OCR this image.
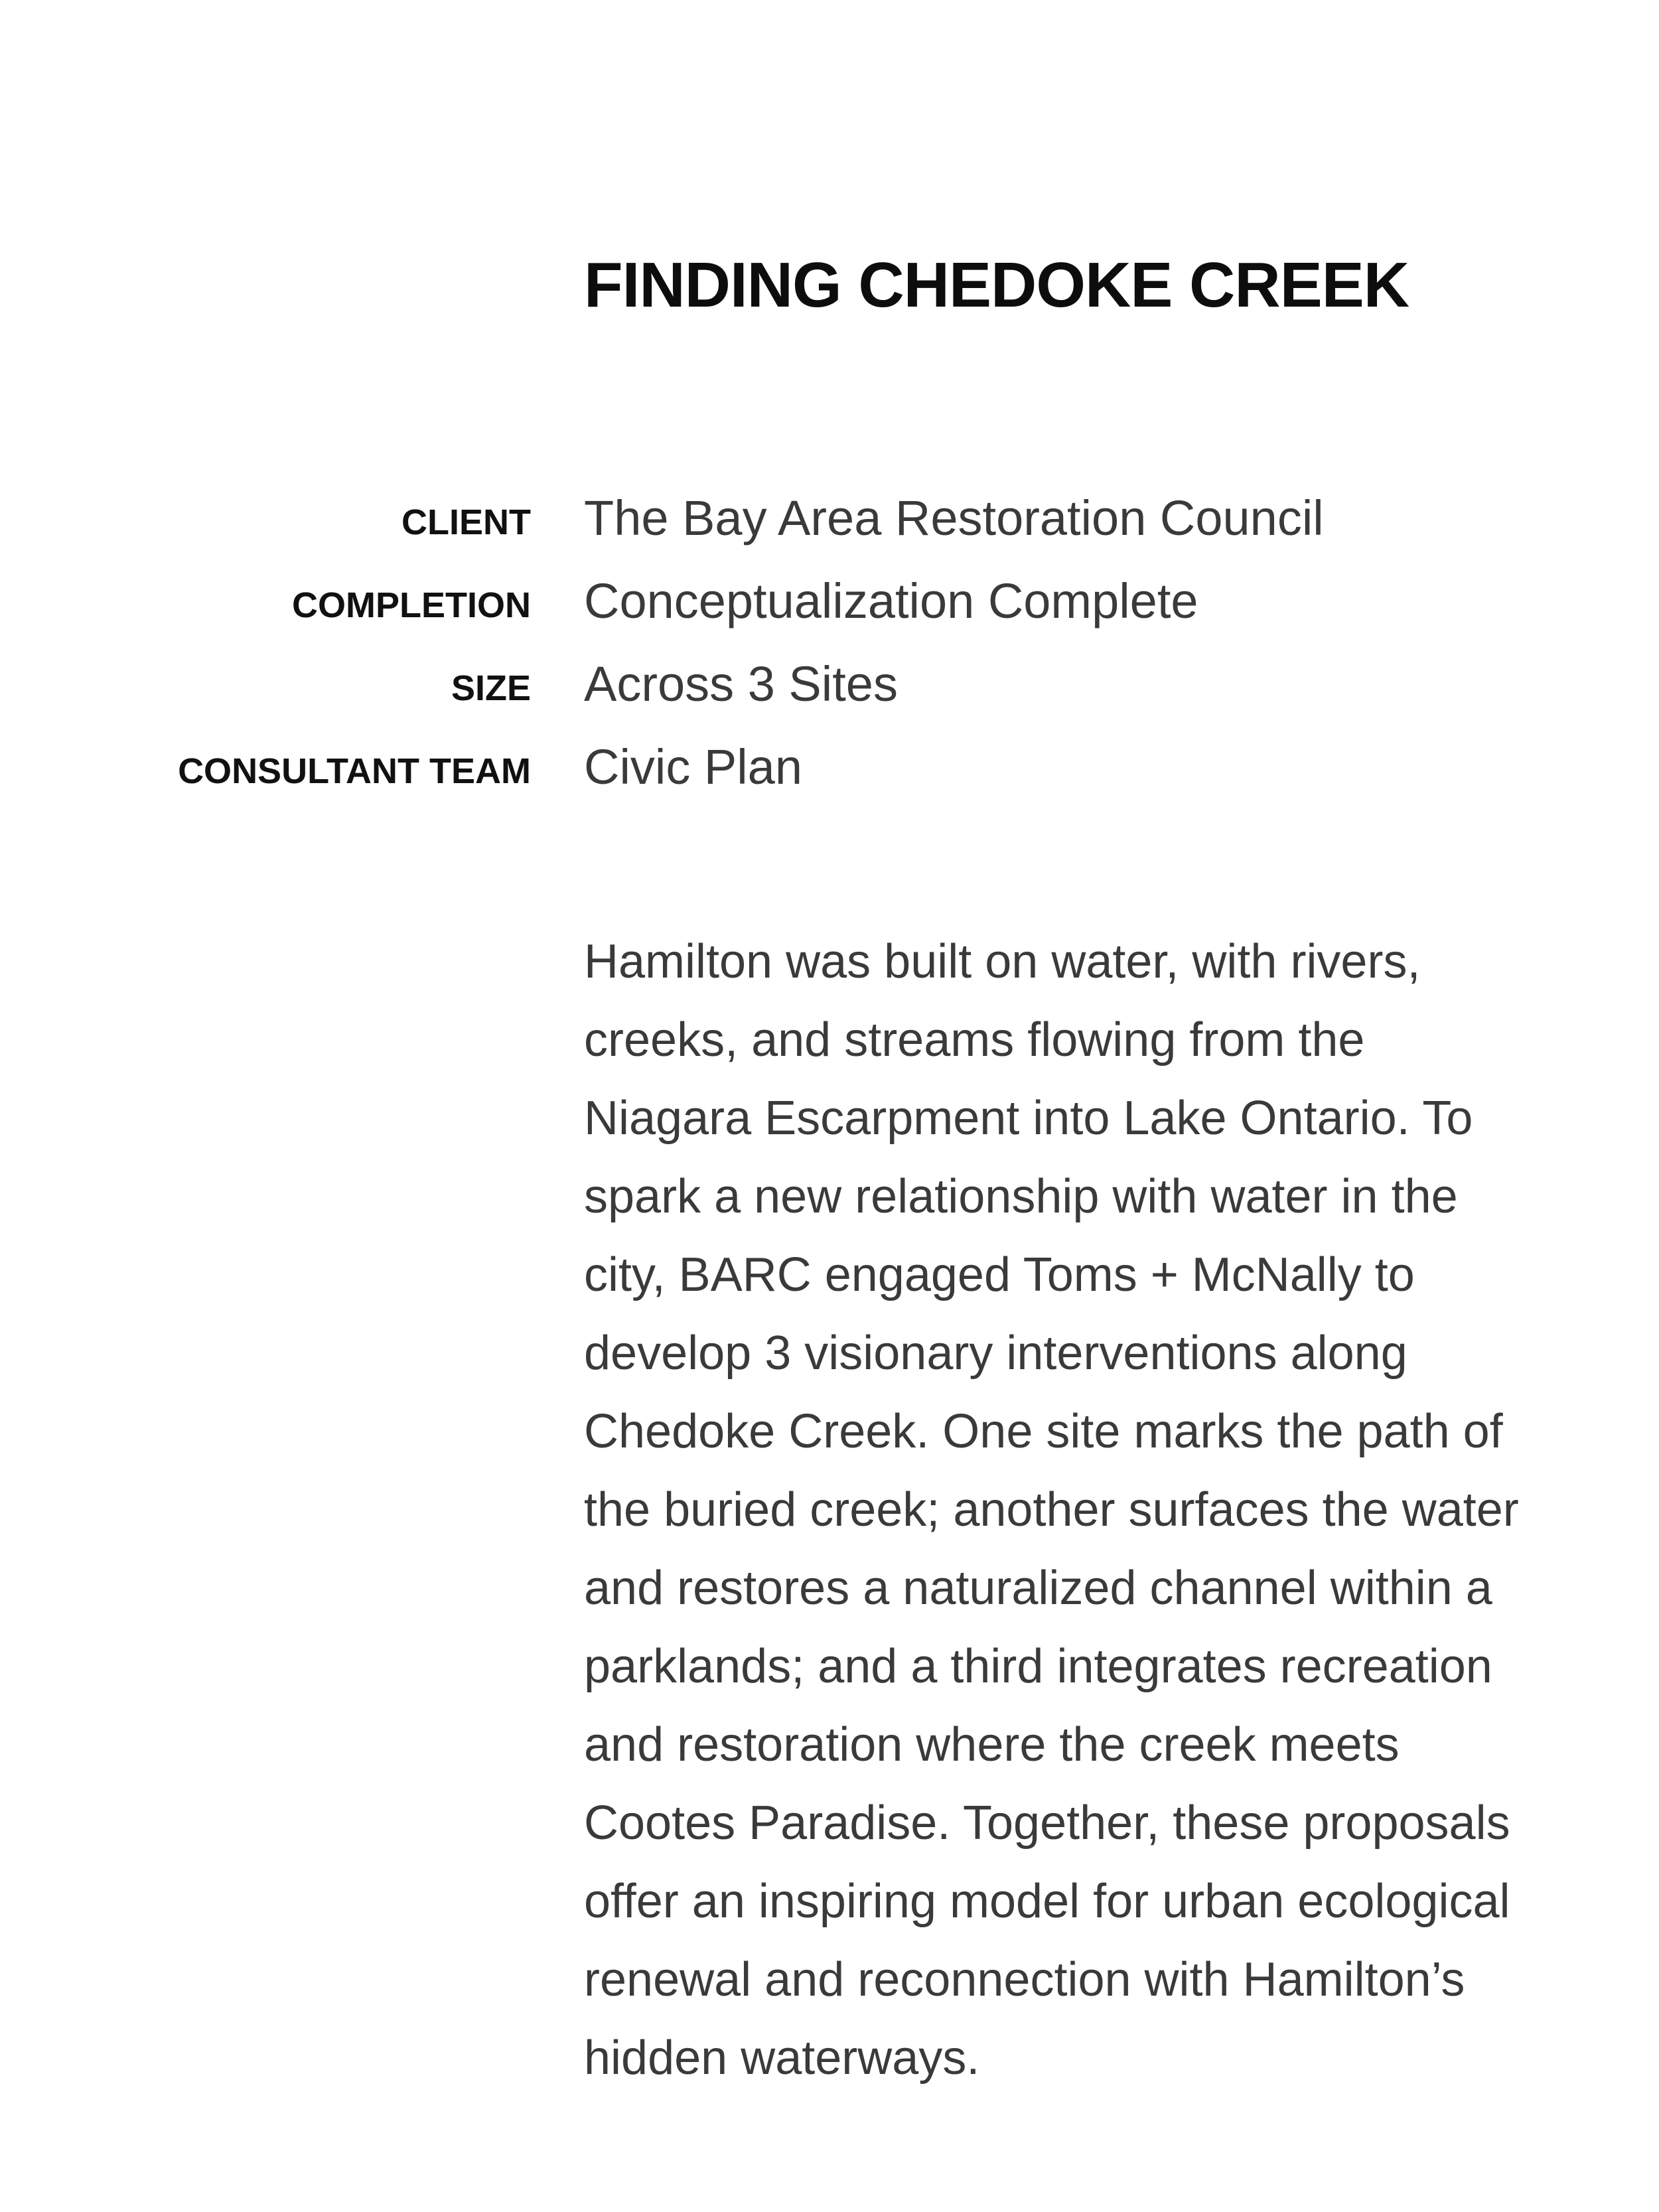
FINDING CHEDOKE CREEK
CLIENT The Bay Area Restoration Council
COMPLETION Conceptualization Complete
SIZE Across 3 Sites
CONSULTANT TEAM Civic Plan
Hamilton was built on water, with rivers,
creeks, and streams flowing from the
Niagara Escarpment into Lake Ontario. To
spark a new relationship with water in the
city, BARC engaged Toms + McNally to
develop 3 visionary interventions along
Chedoke Creek. One site marks the path of
the buried creek; another surfaces the water
and restores a naturalized channel within a
parklands; and a third integrates recreation
and restoration where the creek meets
Cootes Paradise. Together, these proposals
offer an inspiring model for urban ecological
renewal and reconnection with Hamilton’s
hidden waterways.
